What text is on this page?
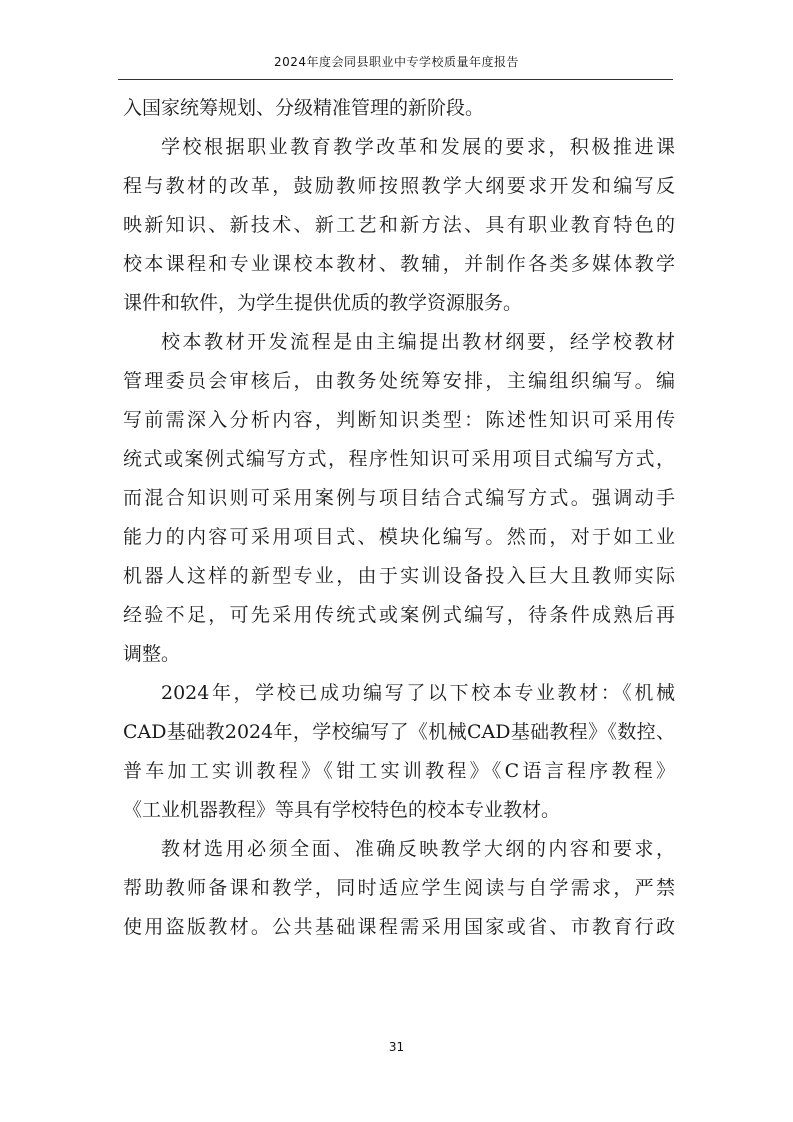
2024年度会同县职业中专学校质量年度报告
入国家统筹规划、分级精准管理的新阶段。
学校根据职业教育教学改革和发展的要求，积极推进课
程与教材的改革，鼓励教师按照教学大纲要求开发和编写反
映新知识、新技术、新工艺和新方法、具有职业教育特色的
校本课程和专业课校本教材、教辅，并制作各类多媒体教学
课件和软件，为学生提供优质的教学资源服务。
校本教材开发流程是由主编提出教材纲要，经学校教材
管理委员会审核后，由教务处统筹安排，主编组织编写。编
写前需深入分析内容，判断知识类型：陈述性知识可采用传
统式或案例式编写方式，程序性知识可采用项目式编写方式，
而混合知识则可采用案例与项目结合式编写方式。强调动手
能力的内容可采用项目式、模块化编写。然而，对于如工业
机器人这样的新型专业，由于实训设备投入巨大且教师实际
经验不足，可先采用传统式或案例式编写，待条件成熟后再
调整。
2024年，学校已成功编写了以下校本专业教材：《机械
CAD基础教2024年，学校编写了《机械CAD基础教程》《数控、
普车加工实训教程》《钳工实训教程》《C语言程序教程》
《工业机器教程》等具有学校特色的校本专业教材。
教材选用必须全面、准确反映教学大纲的内容和要求，
帮助教师备课和教学，同时适应学生阅读与自学需求，严禁
使用盗版教材。公共基础课程需采用国家或省、市教育行政
31
